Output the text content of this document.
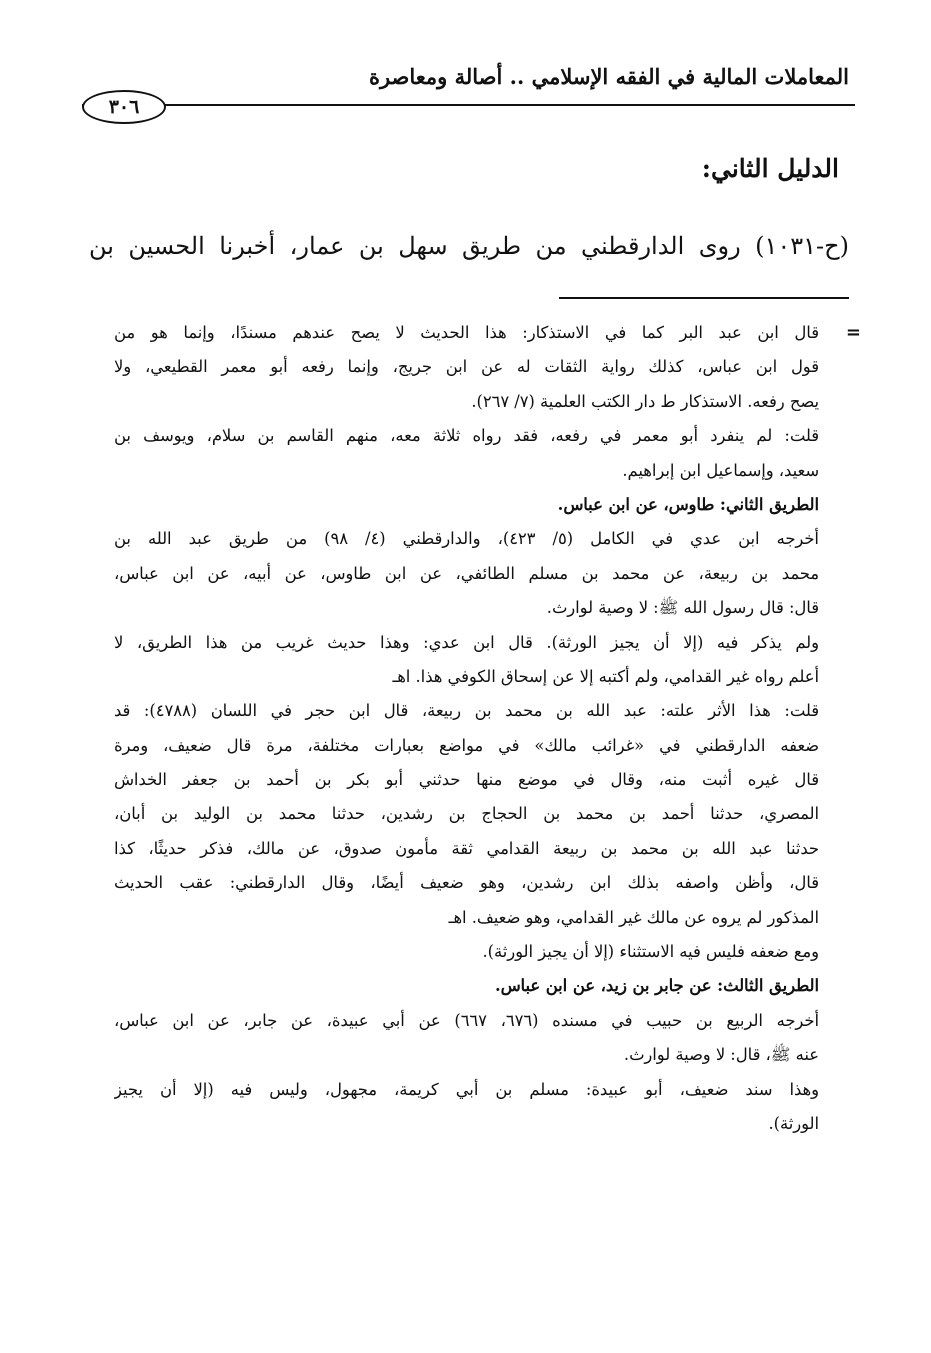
المعاملات المالية في الفقه الإسلامي .. أصالة ومعاصرة
٣٠٦
الدليل الثاني:
(ح-١٠٣١) روى الدارقطني من طريق سهل بن عمار، أخبرنا الحسين بن
=
قال ابن عبد البر كما في الاستذكار: هذا الحديث لا يصح عندهم مسندًا، وإنما هو من
قول ابن عباس، كذلك رواية الثقات له عن ابن جريج، وإنما رفعه أبو معمر القطيعي، ولا
يصح رفعه. الاستذكار ط دار الكتب العلمية (٧/ ٢٦٧).
قلت: لم ينفرد أبو معمر في رفعه، فقد رواه ثلاثة معه، منهم القاسم بن سلام، ويوسف بن
سعيد، وإسماعيل ابن إبراهيم.
الطريق الثاني: طاوس، عن ابن عباس.
أخرجه ابن عدي في الكامل (٥/ ٤٢٣)، والدارقطني (٤/ ٩٨) من طريق عبد الله بن
محمد بن ربيعة، عن محمد بن مسلم الطائفي، عن ابن طاوس، عن أبيه، عن ابن عباس،
قال: قال رسول الله ﷺ: لا وصية لوارث.
ولم يذكر فيه (إلا أن يجيز الورثة). قال ابن عدي: وهذا حديث غريب من هذا الطريق، لا
أعلم رواه غير القدامي، ولم أكتبه إلا عن إسحاق الكوفي هذا. اهـ
قلت: هذا الأثر علته: عبد الله بن محمد بن ربيعة، قال ابن حجر في اللسان (٤٧٨٨): قد
ضعفه الدارقطني في «غرائب مالك» في مواضع بعبارات مختلفة، مرة قال ضعيف، ومرة
قال غيره أثبت منه، وقال في موضع منها حدثني أبو بكر بن أحمد بن جعفر الخداش
المصري، حدثنا أحمد بن محمد بن الحجاج بن رشدين، حدثنا محمد بن الوليد بن أبان،
حدثنا عبد الله بن محمد بن ربيعة القدامي ثقة مأمون صدوق، عن مالك، فذكر حديثًا، كذا
قال، وأظن واصفه بذلك ابن رشدين، وهو ضعيف أيضًا، وقال الدارقطني: عقب الحديث
المذكور لم يروه عن مالك غير القدامي، وهو ضعيف. اهـ
ومع ضعفه فليس فيه الاستثناء (إلا أن يجيز الورثة).
الطريق الثالث: عن جابر بن زيد، عن ابن عباس.
أخرجه الربيع بن حبيب في مسنده (٦٧٦، ٦٦٧) عن أبي عبيدة، عن جابر، عن ابن عباس،
عنه ﷺ، قال: لا وصية لوارث.
وهذا سند ضعيف، أبو عبيدة: مسلم بن أبي كريمة، مجهول، وليس فيه (إلا أن يجيز
الورثة).
